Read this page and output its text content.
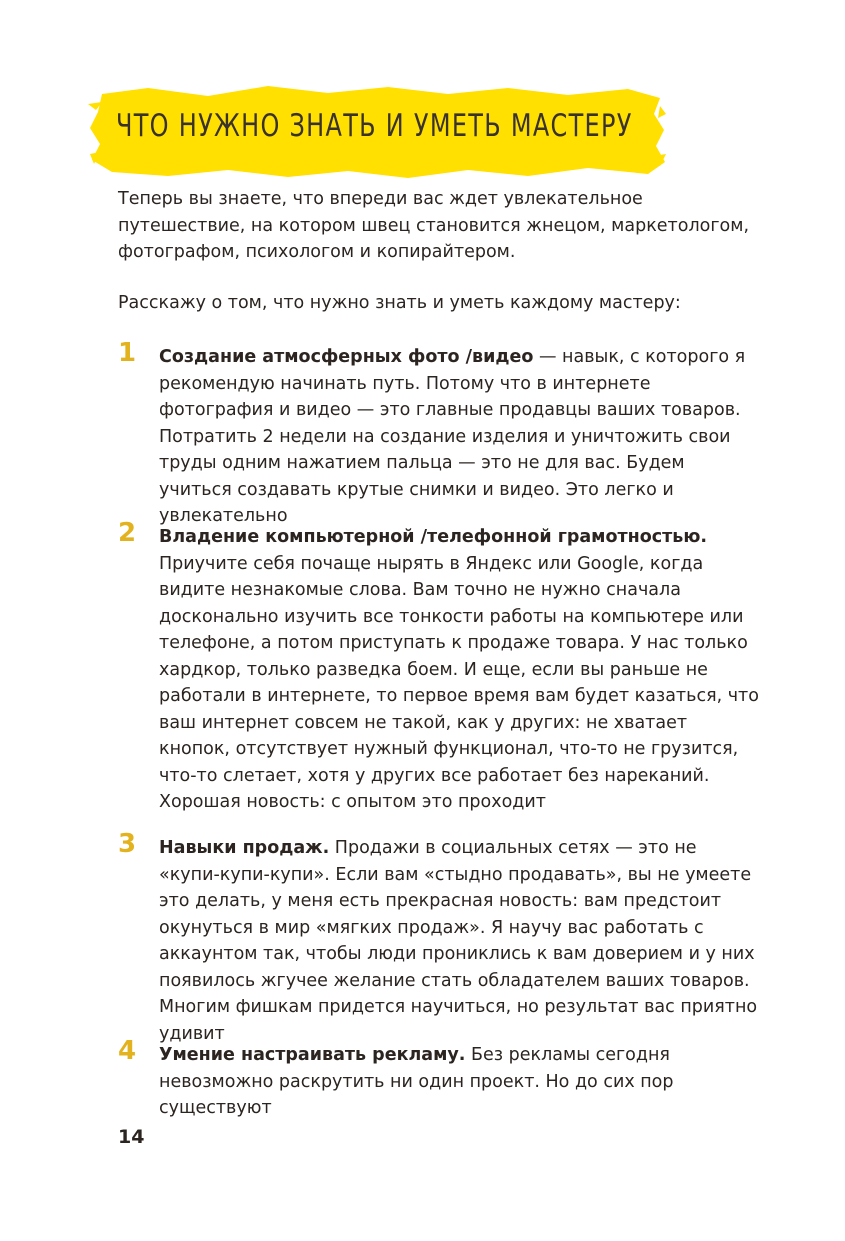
ЧТО НУЖНО ЗНАТЬ И УМЕТЬ МАСТЕРУ

Теперь вы знаете, что впереди вас ждет увлекательное путешествие, на котором швец становится жнецом, маркетологом, фотографом, психологом и копирайтером.

Расскажу о том, что нужно знать и уметь каждому мастеру:

1 Создание атмосферных фото /видео — навык, с которого я рекомендую начинать путь. Потому что в интернете фотография и видео — это главные продавцы ваших товаров. Потратить 2 недели на создание изделия и уничтожить свои труды одним нажатием пальца — это не для вас. Будем учиться создавать крутые снимки и видео. Это легко и увлекательно

2 Владение компьютерной /телефонной грамотностью. Приучите себя почаще нырять в Яндекс или Google, когда видите незнакомые слова. Вам точно не нужно сначала досконально изучить все тонкости работы на компьютере или телефоне, а потом приступать к продаже товара. У нас только хардкор, только разведка боем. И еще, если вы раньше не работали в интернете, то первое время вам будет казаться, что ваш интернет совсем не такой, как у других: не хватает кнопок, отсутствует нужный функционал, что-то не грузится, что-то слетает, хотя у других все работает без нареканий. Хорошая новость: с опытом это проходит

3 Навыки продаж. Продажи в социальных сетях — это не «купи-купи-купи». Если вам «стыдно продавать», вы не умеете это делать, у меня есть прекрасная новость: вам предстоит окунуться в мир «мягких продаж». Я научу вас работать с аккаунтом так, чтобы люди прониклись к вам доверием и у них появилось жгучее желание стать обладателем ваших товаров. Многим фишкам придется научиться, но результат вас приятно удивит

4 Умение настраивать рекламу. Без рекламы сегодня невозможно раскрутить ни один проект. Но до сих пор существуют

14
